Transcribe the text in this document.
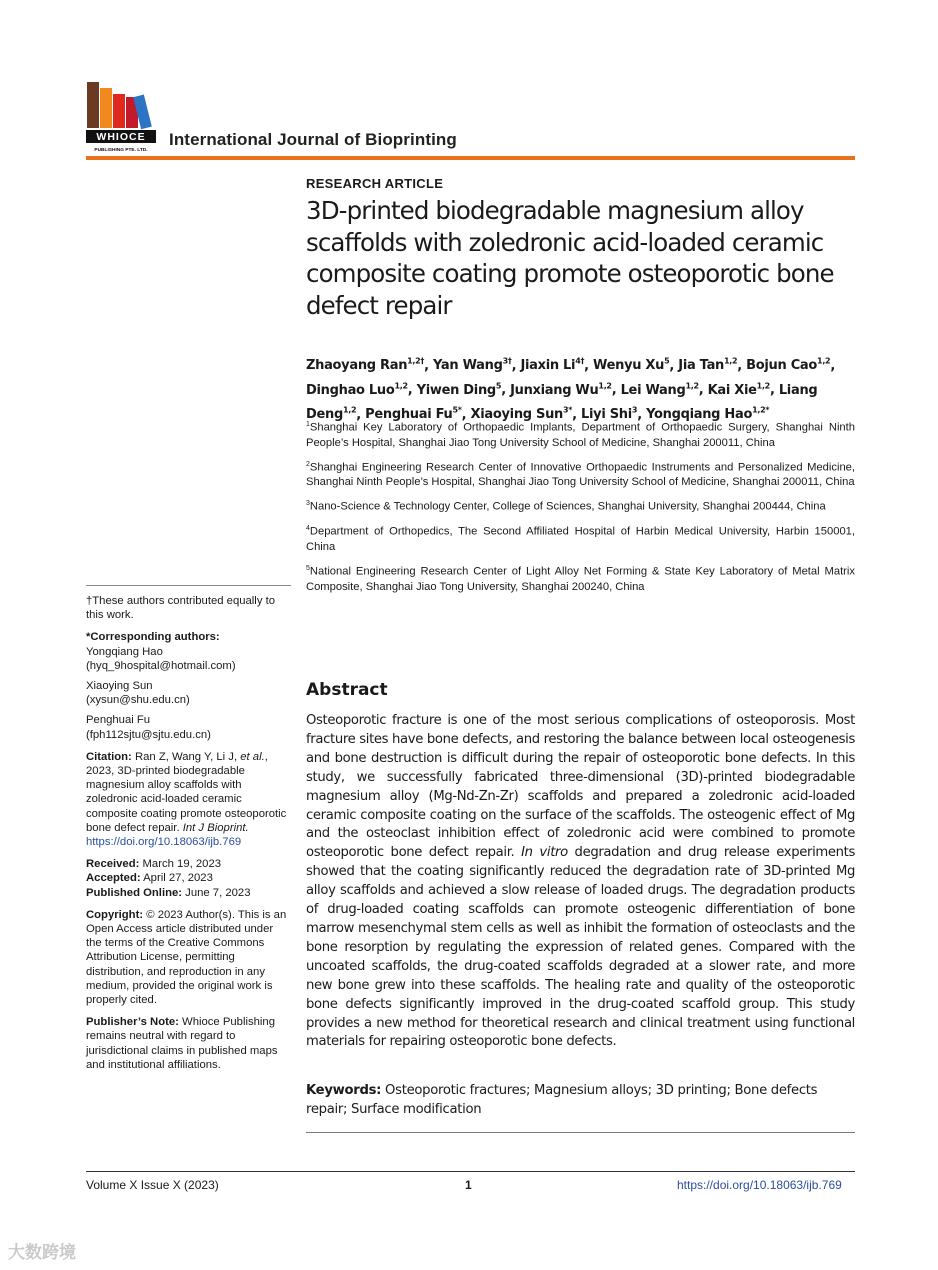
WHIOCE
PUBLISHING PTE. LTD.
International Journal of Bioprinting
RESEARCH ARTICLE
3D-printed biodegradable magnesium alloy scaffolds with zoledronic acid-loaded ceramic composite coating promote osteoporotic bone defect repair
Zhaoyang Ran$^{1,2\dagger}$, Yan Wang$^{3\dagger}$, Jiaxin $Li^{4\dagger}$, Wenyu Xu$^5$, Jia Tan$^{1,2}$, Bojun Cao$^{1,2}$, Dinghao Luo$^{1,2}$, Yiwen Ding$^5$, Junxiang Wu$^{1,2}$, Lei Wang$^{1,2}$, Kai Xie$^{1,2}$, Liang Deng$^{1,2}$, Penghuai $Fu^{5*}$, Xiaoying Sun$^{3*}$, Liyi Shi$^3$, Yongqiang Hao$^{1,2*}$

$^1$Shanghai Key Laboratory of Orthopaedic Implants, Department of Orthopaedic Surgery, Shanghai Ninth People’s Hospital, Shanghai Jiao Tong University School of Medicine, Shanghai 200011, China

$^2$Shanghai Engineering Research Center of Innovative Orthopaedic Instruments and Personalized Medicine, Shanghai Ninth People’s Hospital, Shanghai Jiao Tong University School of Medicine, Shanghai 200011, China

$^3$Nano-Science & Technology Center, College of Sciences, Shanghai University, Shanghai 200444, China

$^4$Department of Orthopedics, The Second Affiliated Hospital of Harbin Medical University, Harbin 150001, China

$^5$National Engineering Research Center of Light Alloy Net Forming & State Key Laboratory of Metal Matrix Composite, Shanghai Jiao Tong University, Shanghai 200240, China

†These authors contributed equally to this work.

*Corresponding authors:

Yongqiang Hao
(hyq_9hospital@hotmail.com)

Xiaoying Sun
(xysun@shu.edu.cn)

Penghuai Fu
(fph112sjtu@sjtu.edu.cn)

Citation: Ran Z, Wang Y, Li J, et al., 2023, 3D-printed biodegradable magnesium alloy scaffolds with zoledronic acid-loaded ceramic composite coating promote osteoporotic bone defect repair. Int J Bioprint.
https://doi.org/10.18063/ijb.769

Received: March 19, 2023
Accepted: April 27, 2023
Published Online: June 7, 2023

Copyright: © 2023 Author(s). This is an Open Access article distributed under the terms of the Creative Commons Attribution License, permitting distribution, and reproduction in any medium, provided the original work is properly cited.

Publisher’s Note: Whioce Publishing remains neutral with regard to jurisdictional claims in published maps and institutional affiliations.

Abstract
Osteoporotic fracture is one of the most serious complications of osteoporosis. Most fracture sites have bone defects, and restoring the balance between local osteogenesis and bone destruction is difficult during the repair of osteoporotic bone defects. In this study, we successfully fabricated three-dimensional (3D)-printed biodegradable magnesium alloy (Mg-Nd-Zn-Zr) scaffolds and prepared a zoledronic acid-loaded ceramic composite coating on the surface of the scaffolds. The osteogenic effect of Mg and the osteoclast inhibition effect of zoledronic acid were combined to promote osteoporotic bone defect repair. In vitro degradation and drug release experiments showed that the coating significantly reduced the degradation rate of 3D-printed Mg alloy scaffolds and achieved a slow release of loaded drugs. The degradation products of drug-loaded coating scaffolds can promote osteogenic differentiation of bone marrow mesenchymal stem cells as well as inhibit the formation of osteoclasts and the bone resorption by regulating the expression of related genes. Compared with the uncoated scaffolds, the drug-coated scaffolds degraded at a slower rate, and more new bone grew into these scaffolds. The healing rate and quality of the osteoporotic bone defects significantly improved in the drug-coated scaffold group. This study provides a new method for theoretical research and clinical treatment using functional materials for repairing osteoporotic bone defects.
Keywords: Osteoporotic fractures; Magnesium alloys; 3D printing; Bone defects repair; Surface modification
Volume X Issue X (2023)	1	https://doi.org/10.18063/ijb.769
大数跨境
